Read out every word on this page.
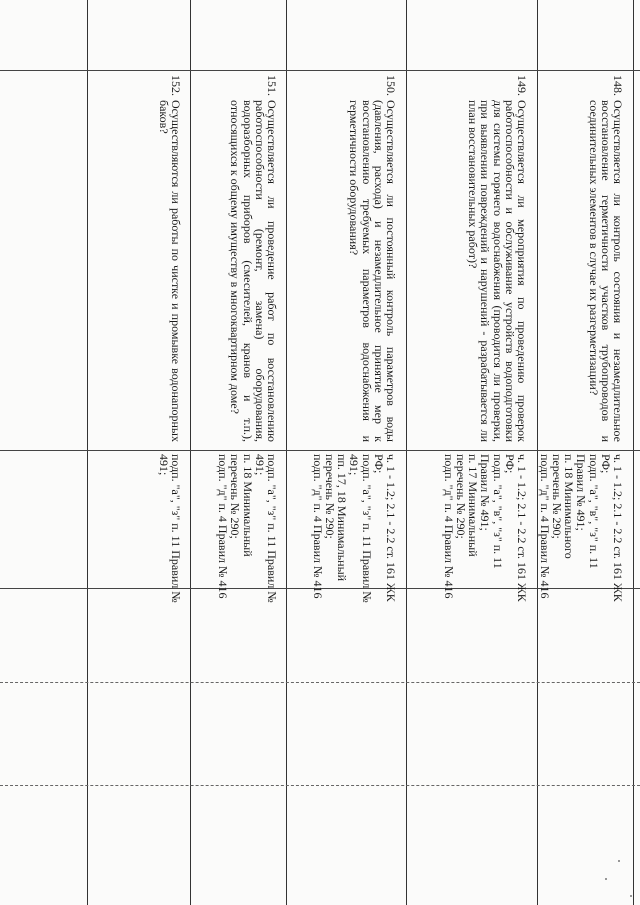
148.
Осуществляется ли контроль состояния и незамедлительное восстановление герметичности участков трубопроводов и соединительных элементов в случае их разгерметизации?
ч. 1 - 1.2; 2.1 - 2.2 ст. 161 ЖК
РФ;
подп. "а", "в", "з" п. 11
Правил № 491;
п. 18 Минимального
перечень № 290;
подп. "д" п. 4 Правил № 416
149.
Осуществляется ли мероприятия по проведению проверок работоспособности и обслуживание устройств водоподготовки для системы горячего водоснабжения (проводится ли проверки, при выявлении повреждений и нарушений - разрабатывается ли план восстановительных работ)?
ч. 1 - 1.2; 2.1 - 2.2 ст. 161 ЖК
РФ;
подп. "а", "в", "з" п. 11
Правил № 491;
п. 17 Минимальный
перечень № 290;
подп. "д" п. 4 Правил № 416
150.
Осуществляется ли постоянный контроль параметров воды (давления, расхода) и незамедлительное принятие мер к восстановлению требуемых параметров водоснабжения и герметичности оборудования?
ч. 1 - 1.2; 2.1 - 2.2 ст. 161 ЖК
РФ;
подп. "а", "з" п. 11 Правил №
491;
пп. 17, 18 Минимальный
перечень № 290;
подп. "д" п. 4 Правил № 416
151.
Осуществляется ли проведение работ по восстановлению работоспособности (ремонт, замена) оборудования, водоразборных приборов (смесителей, кранов и т.п.), относящихся к общему имуществу в многоквартирном доме?
подп. "а", "з" п. 11 Правил №
491;
п. 18 Минимальный
перечень № 290;
подп. "д" п. 4 Правил № 416
152.
Осуществляются ли работы по чистке и промывке водонапорных баков?
подп. "а", "з" п. 11 Правил №
491;
